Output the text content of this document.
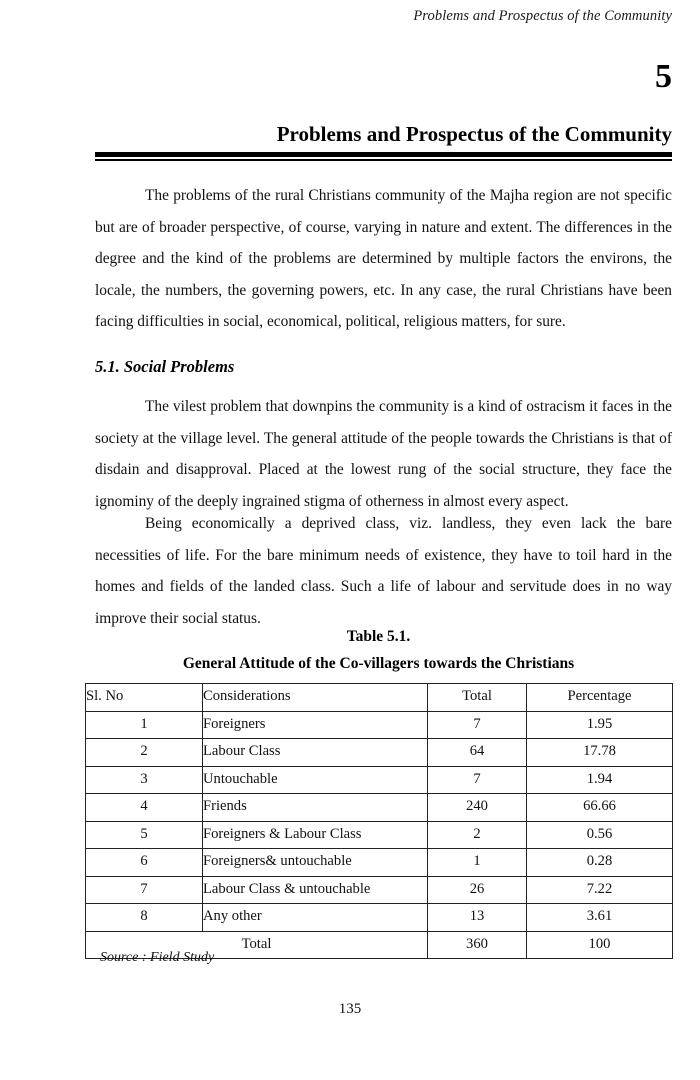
Problems and Prospectus of the Community
5
Problems and Prospectus of the Community

The problems of the rural Christians community of the Majha region are not specific but are of broader perspective, of course, varying in nature and extent. The differences in the degree and the kind of the problems are determined by multiple factors the environs, the locale, the numbers, the governing powers, etc. In any case, the rural Christians have been facing difficulties in social, economical, political, religious matters, for sure.

5.1. Social Problems

The vilest problem that downpins the community is a kind of ostracism it faces in the society at the village level. The general attitude of the people towards the Christians is that of disdain and disapproval. Placed at the lowest rung of the social structure, they face the ignominy of the deeply ingrained stigma of otherness in almost every aspect.

Being economically a deprived class, viz. landless, they even lack the bare necessities of life. For the bare minimum needs of existence, they have to toil hard in the homes and fields of the landed class. Such a life of labour and servitude does in no way improve their social status.

Table 5.1.
General Attitude of the Co-villagers towards the Christians
Sl. No	Considerations	Total	Percentage
1	Foreigners	7	1.95
2	Labour Class	64	17.78
3	Untouchable	7	1.94
4	Friends	240	66.66
5	Foreigners & Labour Class	2	0.56
6	Foreigners& untouchable	1	0.28
7	Labour Class & untouchable	26	7.22
8	Any other	13	3.61
Total		360	100
Source : Field Study
135
